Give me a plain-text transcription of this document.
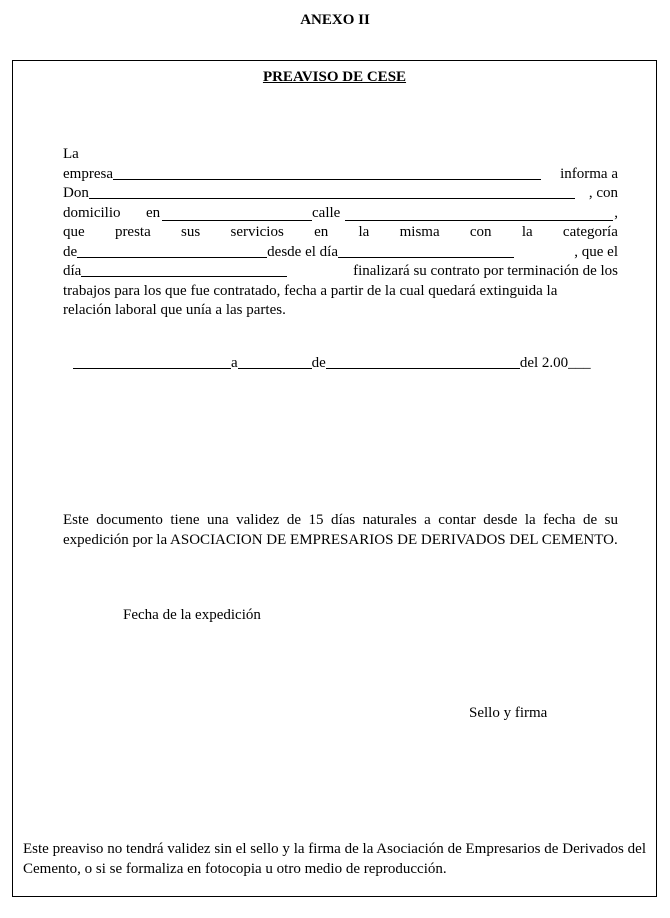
ANEXO II
PREAVISO DE CESE
La
empresa	informa a
Don	, con
domicilio en	calle	,
que presta sus servicios en la misma con la categoría
de	desde el día	, que el
día	finalizará su contrato por terminación de los
trabajos para los que fue contratado, fecha a partir de la cual quedará extinguida la
relación laboral que unía a las partes.
a	de	del 2.00___
Este documento tiene una validez de 15 días naturales a contar desde la fecha de su expedición por la ASOCIACION DE EMPRESARIOS DE DERIVADOS DEL CEMENTO.
Fecha de la expedición
Sello y firma
Este preaviso no tendrá validez sin el sello y la firma de la Asociación de Empresarios de Derivados del Cemento, o si se formaliza en fotocopia u otro medio de reproducción.
